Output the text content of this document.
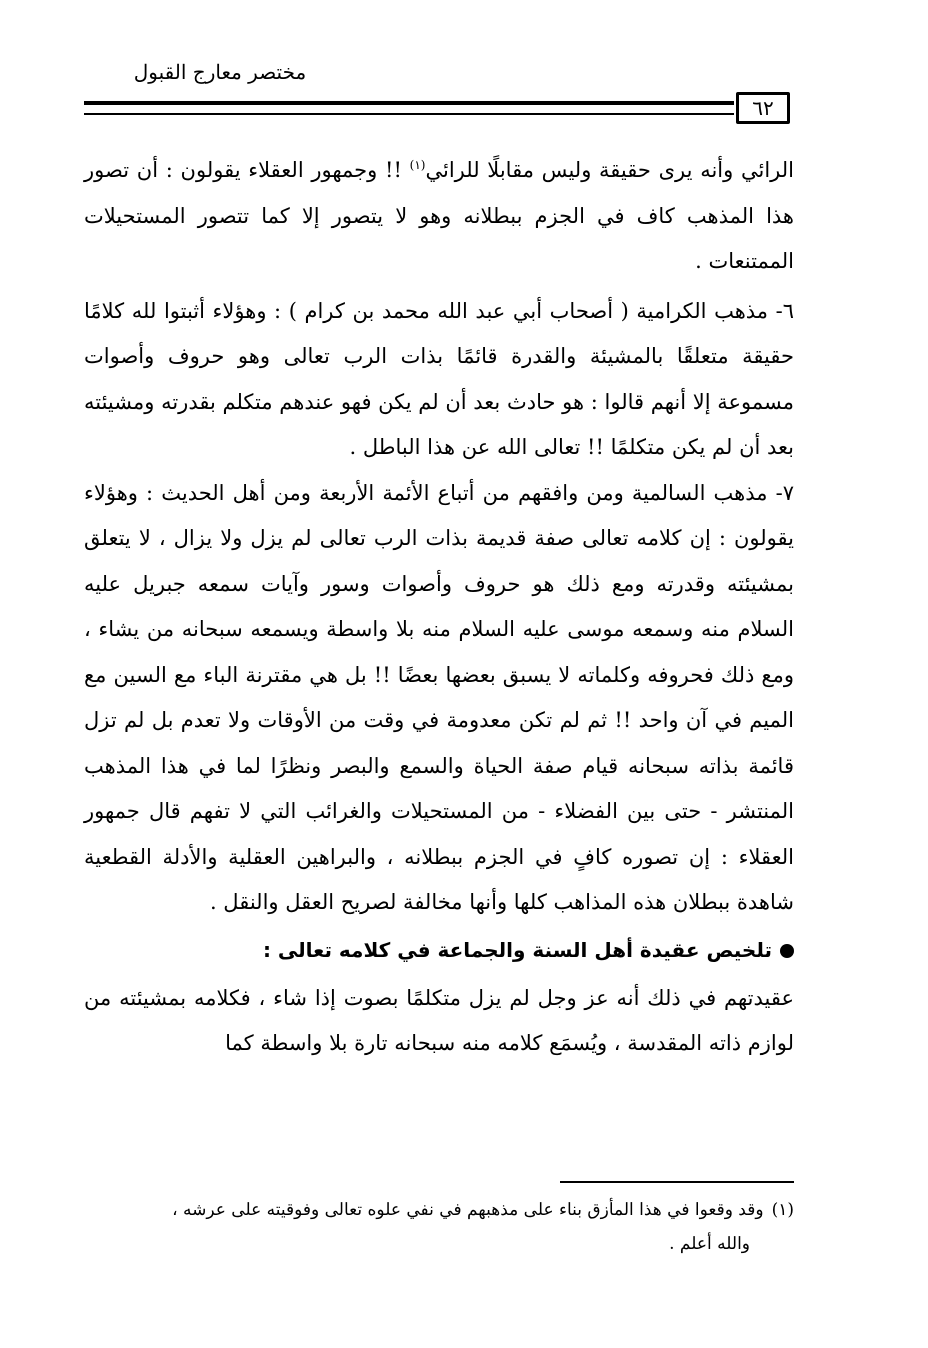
مختصر معارج القبول
٦٢

الرائي وأنه يرى حقيقة وليس مقابلًا للرائي$^{(١)}$ !! وجمهور العقلاء يقولون : أن تصور هذا المذهب كاف في الجزم ببطلانه وهو لا يتصور إلا كما تتصور المستحيلات الممتنعات .

٦- مذهب الكرامية ( أصحاب أبي عبد الله محمد بن كرام ) : وهؤلاء أثبتوا لله كلامًا حقيقة متعلقًا بالمشيئة والقدرة قائمًا بذات الرب تعالى وهو حروف وأصوات مسموعة إلا أنهم قالوا : هو حادث بعد أن لم يكن فهو عندهم متكلم بقدرته ومشيئته بعد أن لم يكن متكلمًا !! تعالى الله عن هذا الباطل .

٧- مذهب السالمية ومن وافقهم من أتباع الأئمة الأربعة ومن أهل الحديث : وهؤلاء يقولون : إن كلامه تعالى صفة قديمة بذات الرب تعالى لم يزل ولا يزال ، لا يتعلق بمشيئته وقدرته ومع ذلك هو حروف وأصوات وسور وآيات سمعه جبريل عليه السلام منه وسمعه موسى عليه السلام منه بلا واسطة ويسمعه سبحانه من يشاء ، ومع ذلك فحروفه وكلماته لا يسبق بعضها بعضًا !! بل هي مقترنة الباء مع السين مع الميم في آن واحد !! ثم لم تكن معدومة في وقت من الأوقات ولا تعدم بل لم تزل قائمة بذاته سبحانه قيام صفة الحياة والسمع والبصر ونظرًا لما في هذا المذهب المنتشر - حتى بين الفضلاء - من المستحيلات والغرائب التي لا تفهم قال جمهور العقلاء : إن تصوره كافٍ في الجزم ببطلانه ، والبراهين العقلية والأدلة القطعية شاهدة ببطلان هذه المذاهب كلها وأنها مخالفة لصريح العقل والنقل .

تلخيص عقيدة أهل السنة والجماعة في كلامه تعالى :

عقيدتهم في ذلك أنه عز وجل لم يزل متكلمًا بصوت إذا شاء ، فكلامه بمشيئته من لوازم ذاته المقدسة ، ويُسمَع كلامه منه سبحانه تارة بلا واسطة كما

(١)وقد وقعوا في هذا المأزق بناء على مذهبهم في نفي علوه تعالى وفوقيته على عرشه ،
والله أعلم .
